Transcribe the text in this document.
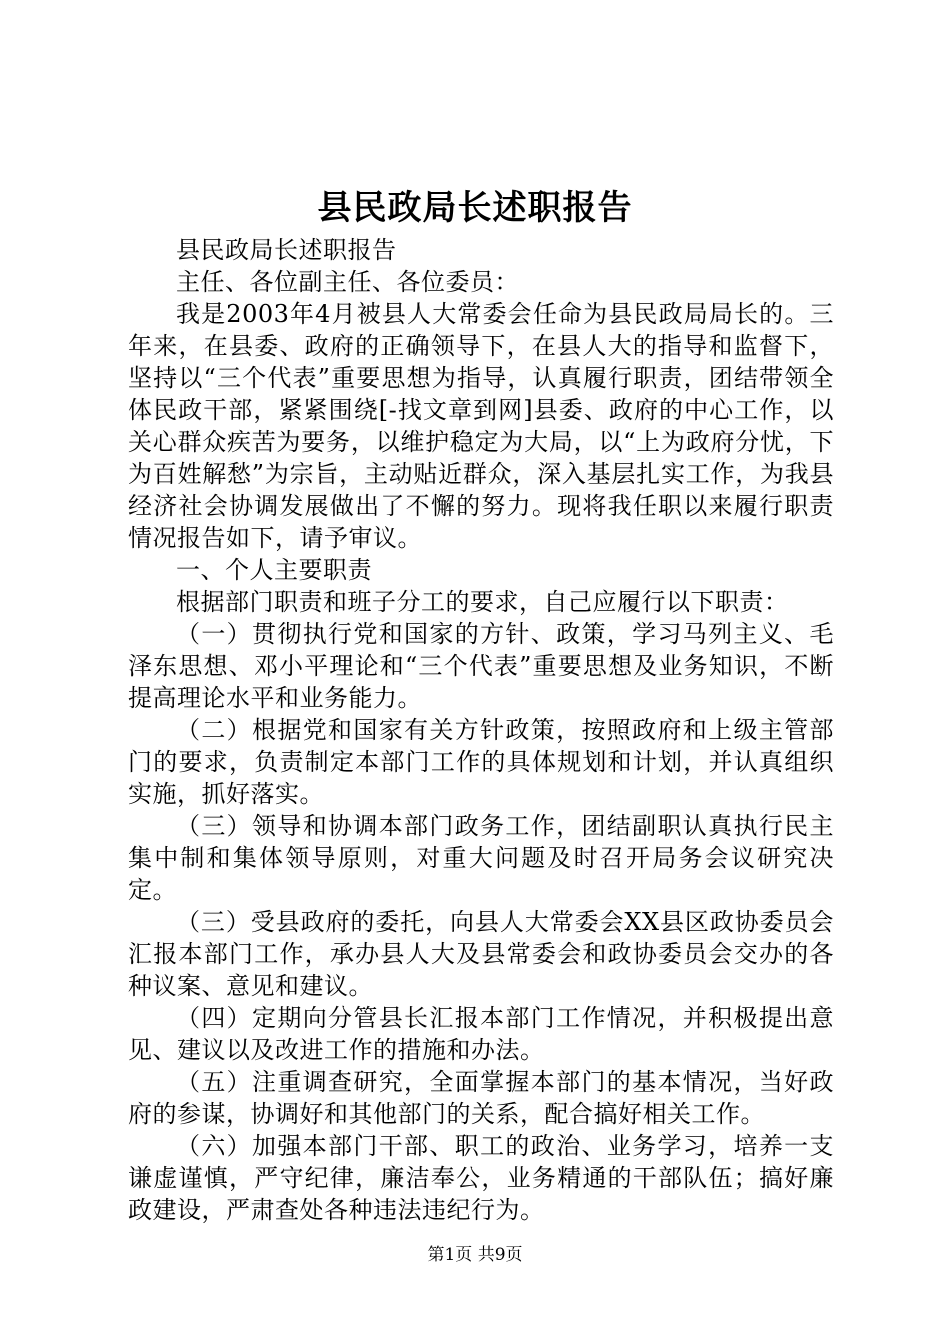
县民政局长述职报告

县民政局长述职报告

主任、各位副主任、各位委员：

我是2003年4月被县人大常委会任命为县民政局局长的。三年来，在县委、政府的正确领导下，在县人大的指导和监督下，坚持以“三个代表”重要思想为指导，认真履行职责，团结带领全体民政干部，紧紧围绕[-找文章到网]县委、政府的中心工作，以关心群众疾苦为要务，以维护稳定为大局，以“上为政府分忧，下为百姓解愁”为宗旨，主动贴近群众，深入基层扎实工作，为我县经济社会协调发展做出了不懈的努力。现将我任职以来履行职责情况报告如下，请予审议。

一、个人主要职责

根据部门职责和班子分工的要求，自己应履行以下职责：

（一）贯彻执行党和国家的方针、政策，学习马列主义、毛泽东思想、邓小平理论和“三个代表”重要思想及业务知识，不断提高理论水平和业务能力。

（二）根据党和国家有关方针政策，按照政府和上级主管部门的要求，负责制定本部门工作的具体规划和计划，并认真组织实施，抓好落实。

（三）领导和协调本部门政务工作，团结副职认真执行民主集中制和集体领导原则，对重大问题及时召开局务会议研究决定。

（三）受县政府的委托，向县人大常委会XX县区政协委员会汇报本部门工作，承办县人大及县常委会和政协委员会交办的各种议案、意见和建议。

（四）定期向分管县长汇报本部门工作情况，并积极提出意见、建议以及改进工作的措施和办法。

（五）注重调查研究，全面掌握本部门的基本情况，当好政府的参谋，协调好和其他部门的关系，配合搞好相关工作。

（六）加强本部门干部、职工的政治、业务学习，培养一支谦虚谨慎，严守纪律，廉洁奉公，业务精通的干部队伍；搞好廉政建设，严肃查处各种违法违纪行为。

第1页 共9页
